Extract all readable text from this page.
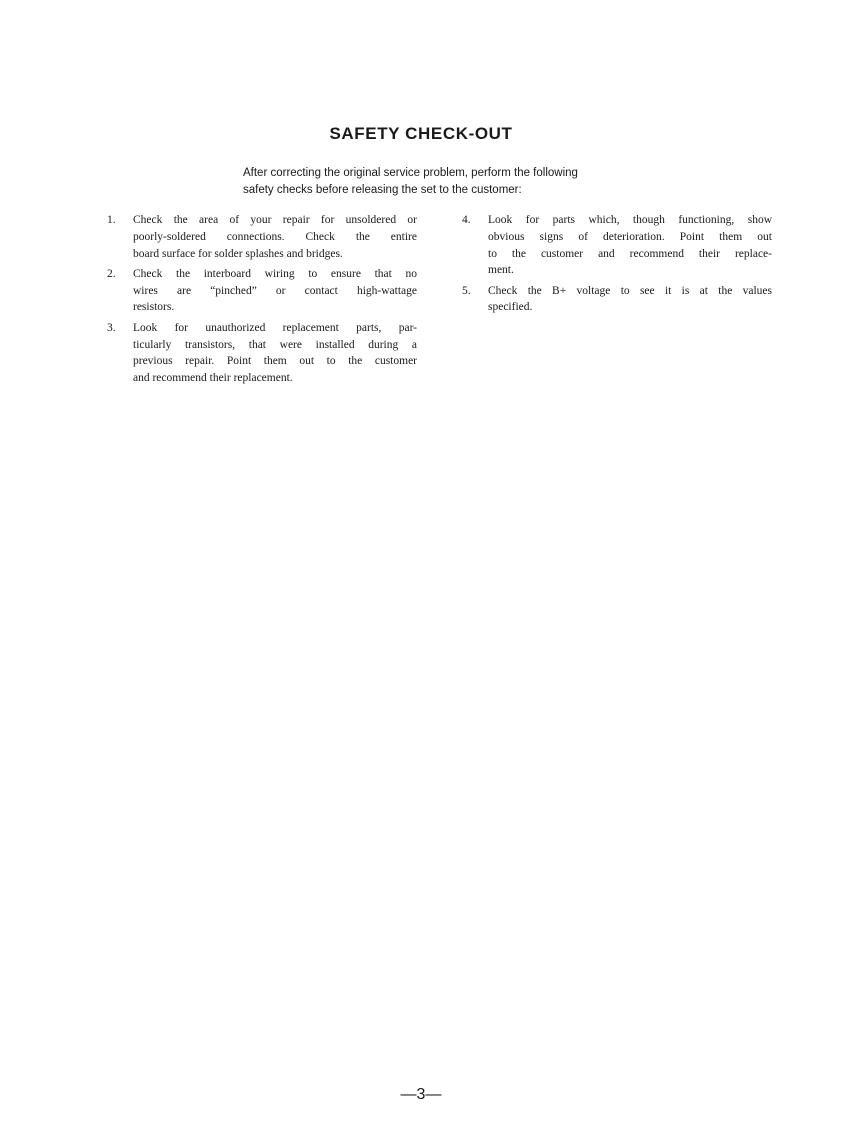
SAFETY CHECK-OUT

After correcting the original service problem, perform the following

safety checks before releasing the set to the customer:

1.	Check the area of your repair for unsoldered or
poorly-soldered connections. Check the entire
board surface for solder splashes and bridges.
2.	Check the interboard wiring to ensure that no
wires are “pinched” or contact high-wattage
resistors.
3.	Look for unauthorized replacement parts, par-
ticularly transistors, that were installed during a
previous repair. Point them out to the customer
and recommend their replacement.
4.	Look for parts which, though functioning, show
obvious signs of deterioration. Point them out
to the customer and recommend their replace-
ment.
5.	Check the B+ voltage to see it is at the values
specified.
—3—
